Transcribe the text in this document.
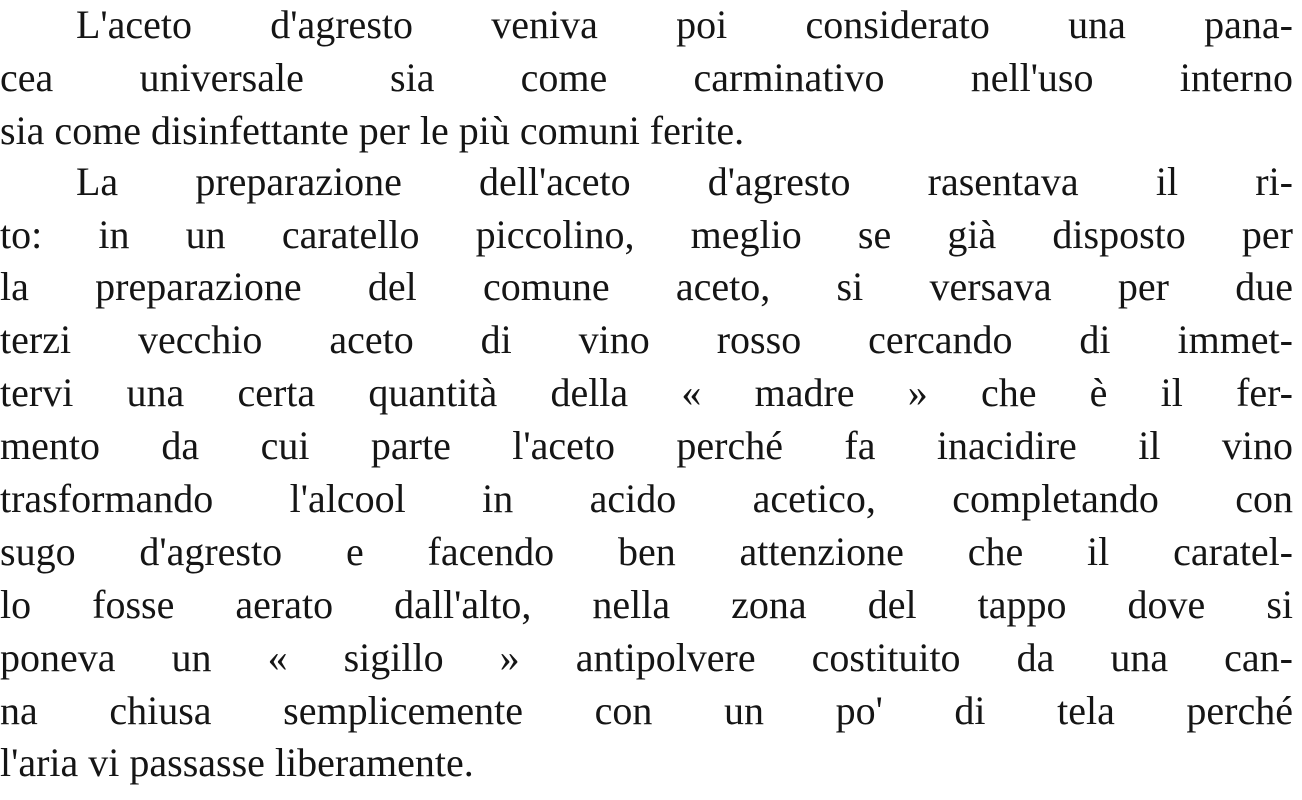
L'aceto d'agresto veniva poi considerato una pana-
cea universale sia come carminativo nell'uso interno
sia come disinfettante per le più comuni ferite.
La preparazione dell'aceto d'agresto rasentava il ri-
to: in un caratello piccolino, meglio se già disposto per
la preparazione del comune aceto, si versava per due
terzi vecchio aceto di vino rosso cercando di immet-
tervi una certa quantità della « madre » che è il fer-
mento da cui parte l'aceto perché fa inacidire il vino
trasformando l'alcool in acido acetico, completando con
sugo d'agresto e facendo ben attenzione che il caratel-
lo fosse aerato dall'alto, nella zona del tappo dove si
poneva un « sigillo » antipolvere costituito da una can-
na chiusa semplicemente con un po' di tela perché
l'aria vi passasse liberamente.
